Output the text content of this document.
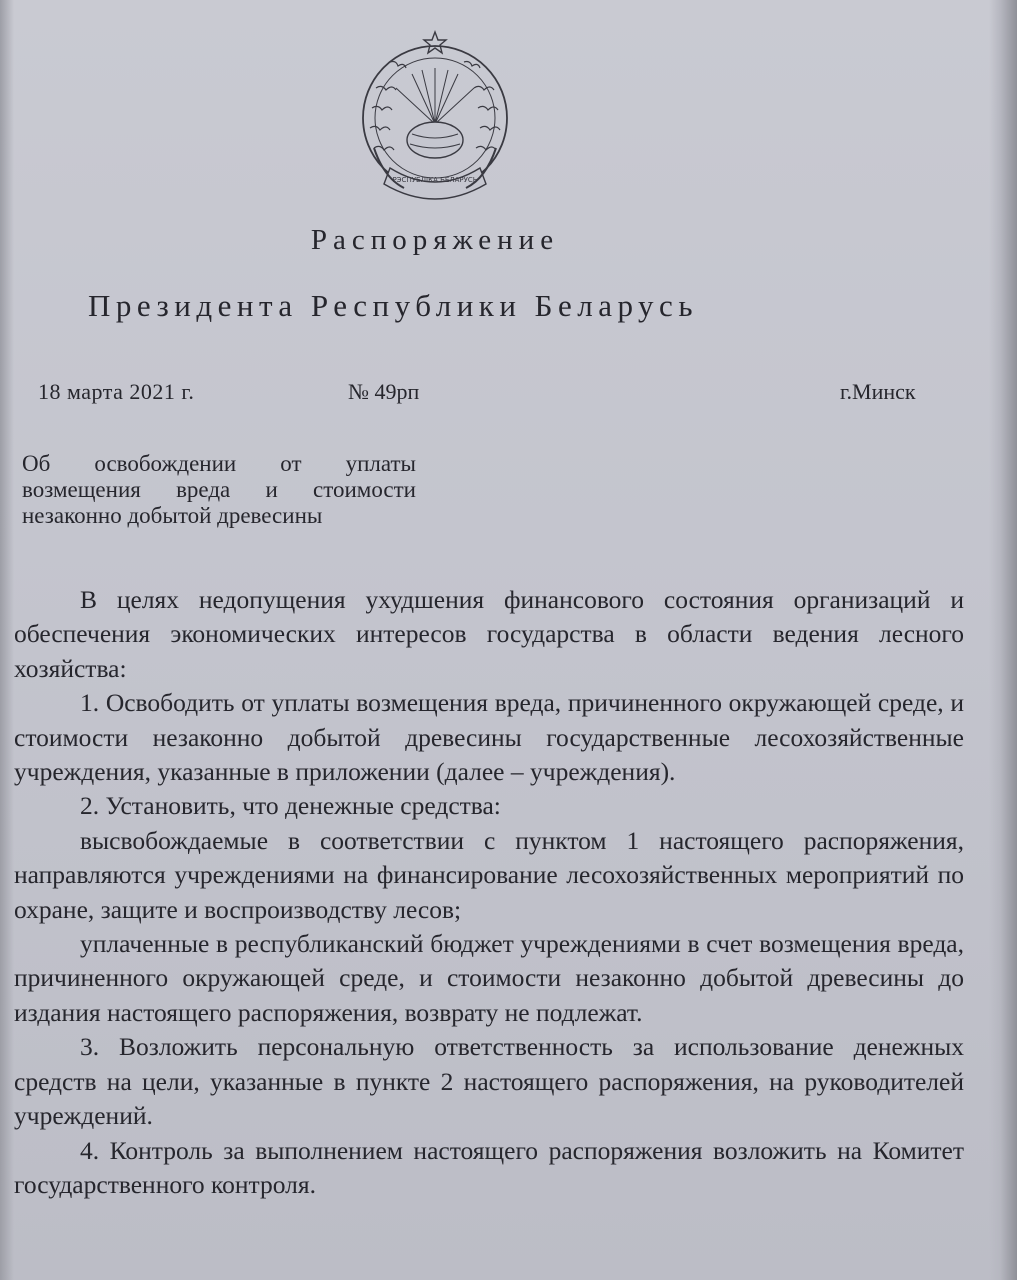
РЭСПУБЛІКА БЕЛАРУСЬ
Распоряжение
Президента Республики Беларусь
18 марта 2021 г.	№ 49рп	г.Минск
Об освобождении от уплаты возмещения вреда и стоимости незаконно добытой древесины

В целях недопущения ухудшения финансового состояния организаций и обеспечения экономических интересов государства в области ведения лесного хозяйства:

1. Освободить от уплаты возмещения вреда, причиненного окружающей среде, и стоимости незаконно добытой древесины государственные лесохозяйственные учреждения, указанные в приложении (далее – учреждения).

2. Установить, что денежные средства:

высвобождаемые в соответствии с пунктом 1 настоящего распоряжения, направляются учреждениями на финансирование лесохозяйственных мероприятий по охране, защите и воспроизводству лесов;

уплаченные в республиканский бюджет учреждениями в счет возмещения вреда, причиненного окружающей среде, и стоимости незаконно добытой древесины до издания настоящего распоряжения, возврату не подлежат.

3. Возложить персональную ответственность за использование денежных средств на цели, указанные в пункте 2 настоящего распоряжения, на руководителей учреждений.

4. Контроль за выполнением настоящего распоряжения возложить на Комитет государственного контроля.
